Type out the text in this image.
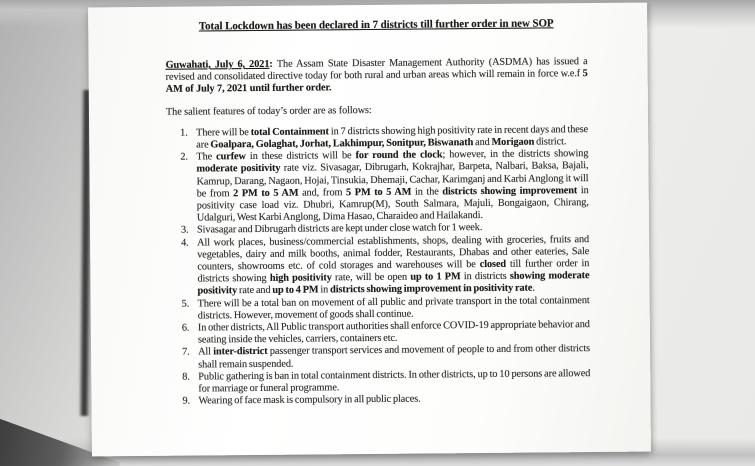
Total Lockdown has been declared in 7 districts till further order in new SOP

Guwahati, July 6, 2021: The Assam State Disaster Management Authority (ASDMA) has issued a revised and consolidated directive today for both rural and urban areas which will remain in force w.e.f 5 AM of July 7, 2021 until further order.

The salient features of today’s order are as follows:

1. There will be total Containment in 7 districts showing high positivity rate in recent days and these are Goalpara, Golaghat, Jorhat, Lakhimpur, Sonitpur, Biswanath and Morigaon district.
2. The curfew in these districts will be for round the clock; however, in the districts showing moderate positivity rate viz. Sivasagar, Dibrugarh, Kokrajhar, Barpeta, Nalbari, Baksa, Bajali, Kamrup, Darang, Nagaon, Hojai, Tinsukia, Dhemaji, Cachar, Karimganj and Karbi Anglong it will be from 2 PM to 5 AM and, from 5 PM to 5 AM in the districts showing improvement in positivity case load viz. Dhubri, Kamrup(M), South Salmara, Majuli, Bongaigaon, Chirang, Udalguri, West Karbi Anglong, Dima Hasao, Charaideo and Hailakandi.
3. Sivasagar and Dibrugarh districts are kept under close watch for 1 week.
4. All work places, business/commercial establishments, shops, dealing with groceries, fruits and vegetables, dairy and milk booths, animal fodder, Restaurants, Dhabas and other eateries, Sale counters, showrooms etc. of cold storages and warehouses will be closed till further order in districts showing high positivity rate, will be open up to 1 PM in districts showing moderate positivity rate and up to 4 PM in districts showing improvement in positivity rate.
5. There will be a total ban on movement of all public and private transport in the total containment districts. However, movement of goods shall continue.
6. In other districts, All Public transport authorities shall enforce COVID-19 appropriate behavior and seating inside the vehicles, carriers, containers etc.
7. All inter-district passenger transport services and movement of people to and from other districts shall remain suspended.
8. Public gathering is ban in total containment districts. In other districts, up to 10 persons are allowed for marriage or funeral programme.
9. Wearing of face mask is compulsory in all public places.
